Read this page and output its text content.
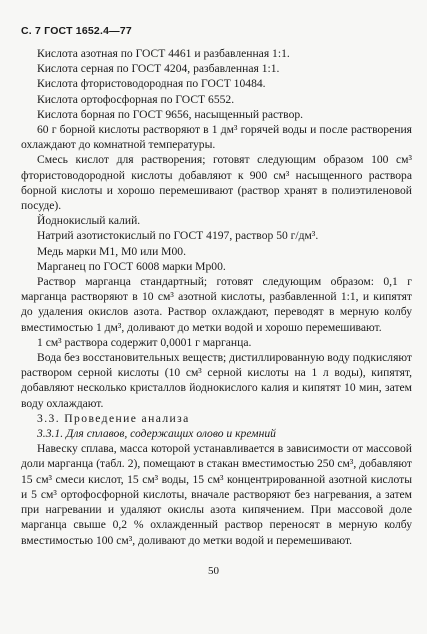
С. 7 ГОСТ 1652.4—77

Кислота азотная по ГОСТ 4461 и разбавленная 1:1.

Кислота серная по ГОСТ 4204, разбавленная 1:1.

Кислота фтористоводородная по ГОСТ 10484.

Кислота ортофосфорная по ГОСТ 6552.

Кислота борная по ГОСТ 9656, насыщенный раствор.

60 г борной кислоты растворяют в 1 дм³ горячей воды и после растворения охлаждают до комнатной температуры.

Смесь кислот для растворения; готовят следующим образом 100 см³ фтористоводородной кислоты добавляют к 900 см³ насыщенного раствора борной кислоты и хорошо перемешивают (раствор хранят в полиэтиленовой посуде).

Йоднокислый калий.

Натрий азотистокислый по ГОСТ 4197, раствор 50 г/дм³.

Медь марки М1, М0 или М00.

Марганец по ГОСТ 6008 марки Мр00.

Раствор марганца стандартный; готовят следующим образом: 0,1 г марганца растворяют в 10 см³ азотной кислоты, разбавленной 1:1, и кипятят до удаления окислов азота. Раствор охлаждают, переводят в мерную колбу вместимостью 1 дм³, доливают до метки водой и хорошо перемешивают.

1 см³ раствора содержит 0,0001 г марганца.

Вода без восстановительных веществ; дистиллированную воду подкисляют раствором серной кислоты (10 см³ серной кислоты на 1 л воды), кипятят, добавляют несколько кристаллов йоднокислого калия и кипятят 10 мин, затем воду охлаждают.

3.3. Проведение анализа

3.3.1. Для сплавов, содержащих олово и кремний

Навеску сплава, масса которой устанавливается в зависимости от массовой доли марганца (табл. 2), помещают в стакан вместимостью 250 см³, добавляют 15 см³ смеси кислот, 15 см³ воды, 15 см³ концентрированной азотной кислоты и 5 см³ ортофосфорной кислоты, вначале растворяют без нагревания, а затем при нагревании и удаляют окислы азота кипячением. При массовой доле марганца свыше 0,2 % охлажденный раствор переносят в мерную колбу вместимостью 100 см³, доливают до метки водой и перемешивают.

50
